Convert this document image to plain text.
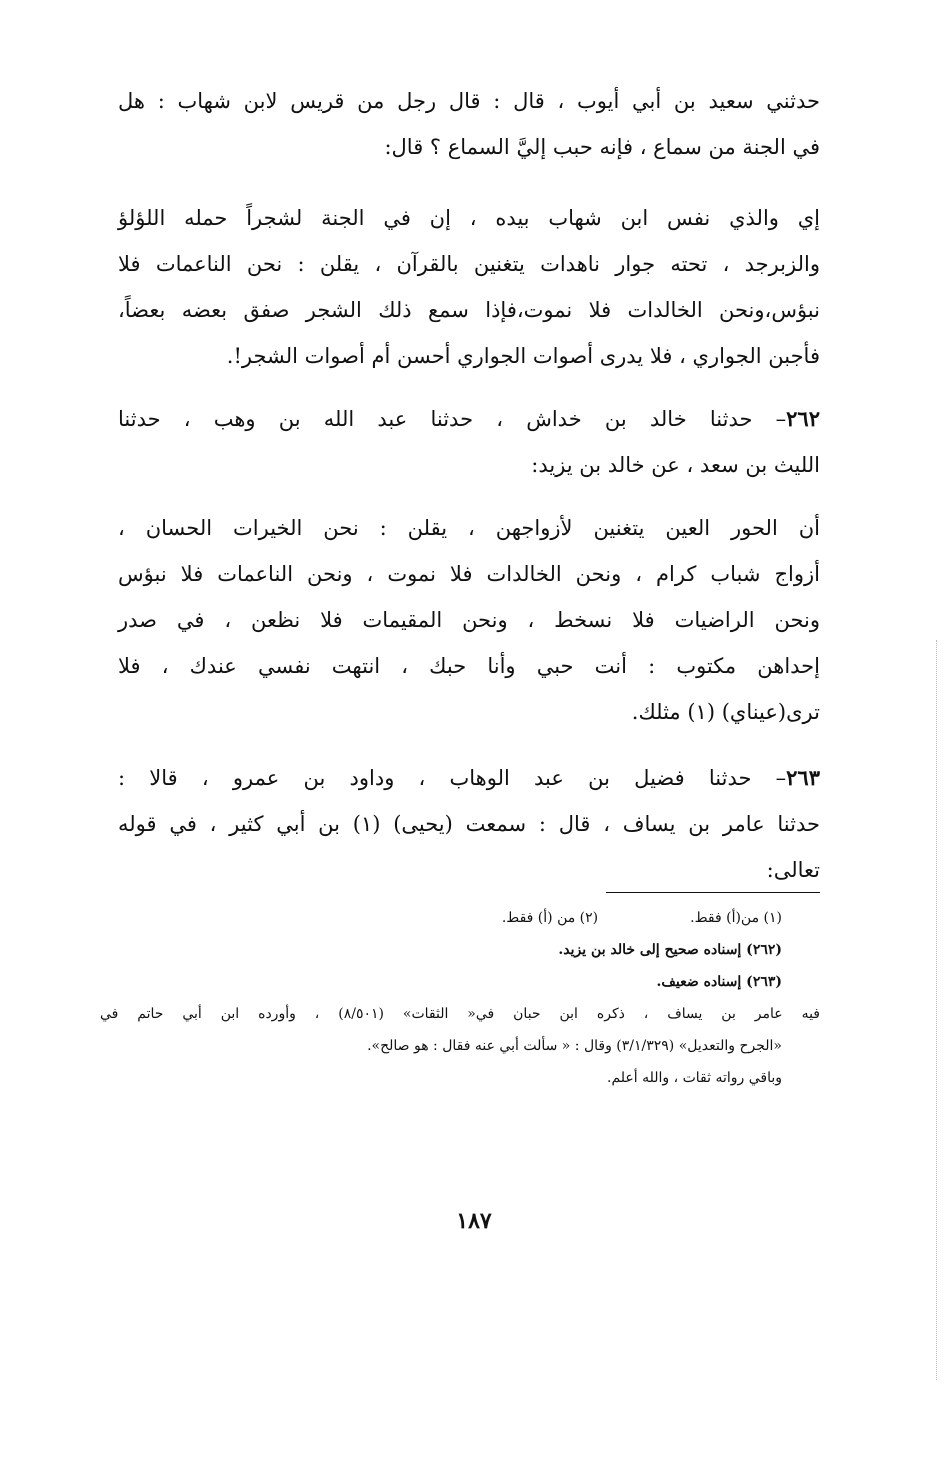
حدثني سعيد بن أبي أيوب ، قال : قال رجل من قريس لابن شهاب : هل
في الجنة من سماع ، فإنه حبب إليَّ السماع ؟ قال:
إي والذي نفس ابن شهاب بيده ، إن في الجنة لشجراً حمله اللؤلؤ
والزبرجد ، تحته جوار ناهدات يتغنين بالقرآن ، يقلن : نحن الناعمات فلا
نبؤس،ونحن الخالدات فلا نموت،فإذا سمع ذلك الشجر صفق بعضه بعضاً،
فأجبن الجواري ، فلا يدرى أصوات الجواري أحسن أم أصوات الشجر!.
٢٦٢– حدثنا خالد بن خداش ، حدثنا عبد الله بن وهب ، حدثنا
الليث بن سعد ، عن خالد بن يزيد:
أن الحور العين يتغنين لأزواجهن ، يقلن : نحن الخيرات الحسان ،
أزواج شباب كرام ، ونحن الخالدات فلا نموت ، ونحن الناعمات فلا نبؤس
ونحن الراضيات فلا نسخط ، ونحن المقيمات فلا نظعن ، في صدر
إحداهن مكتوب : أنت حبي وأنا حبك ، انتهت نفسي عندك ، فلا
ترى(عيناي) (١) مثلك.
٢٦٣– حدثنا فضيل بن عبد الوهاب ، وداود بن عمرو ، قالا :
حدثنا عامر بن يساف ، قال : سمعت (يحيى) (١) بن أبي كثير ، في قوله
تعالى:
(١) من(أ) فقط.
(٢) من (أ) فقط.
(٢٦٢) إسناده صحيح إلى خالد بن يزيد.
(٢٦٣) إسناده ضعيف.
فيه عامر بن يساف ، ذكره ابن حبان في« الثقات» (٨/٥٠١) ، وأورده ابن أبي حاتم في
«الجرح والتعديل» (٣/١/٣٢٩) وقال : « سألت أبي عنه فقال : هو صالح».
وباقي رواته ثقات ، والله أعلم.
١٨٧
